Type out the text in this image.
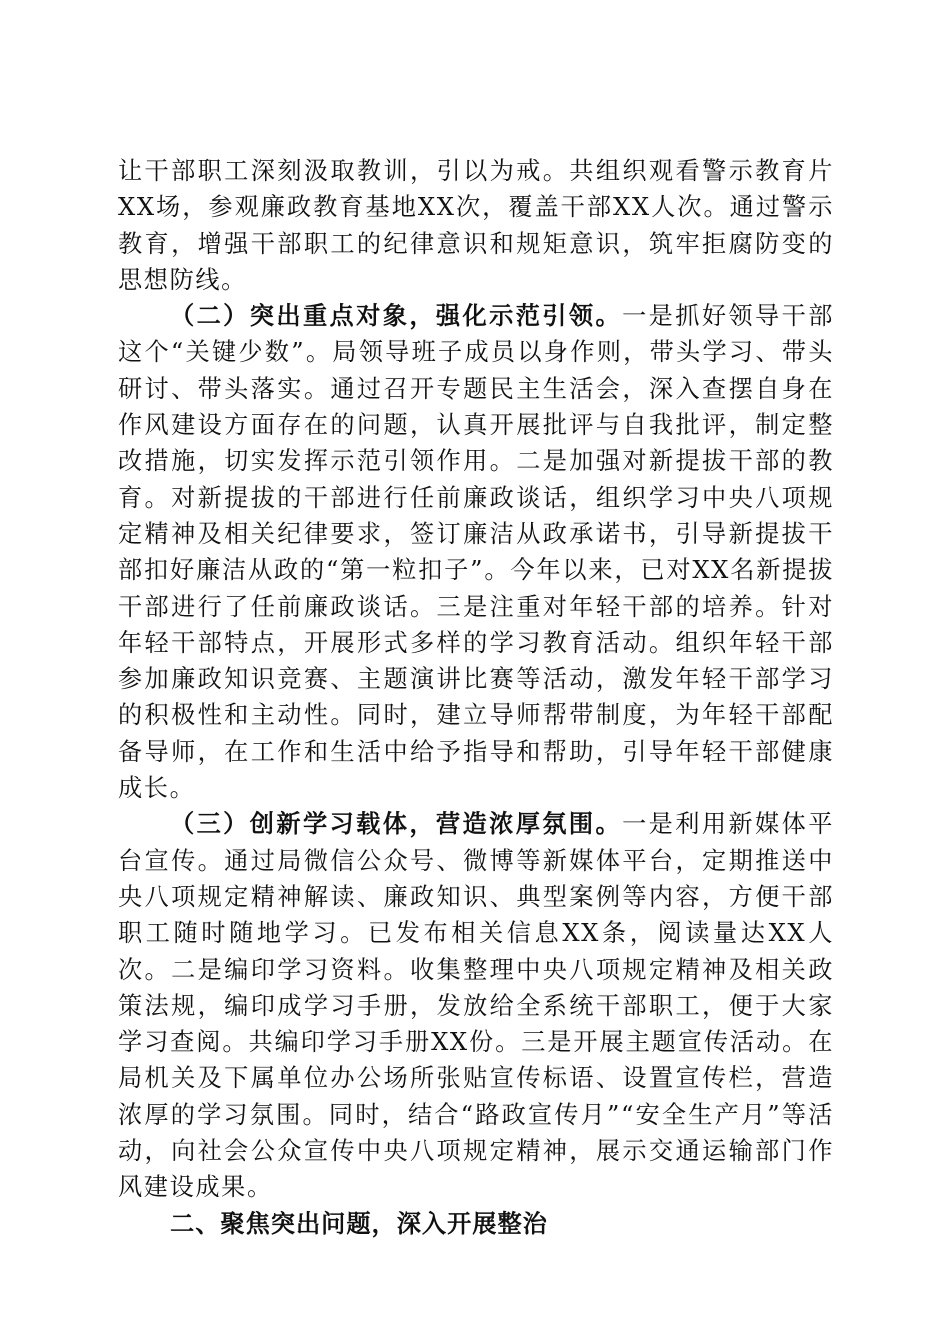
让干部职工深刻汲取教训，引以为戒。共组织观看警示教育片XX场，参观廉政教育基地XX次，覆盖干部XX人次。通过警示教育，增强干部职工的纪律意识和规矩意识，筑牢拒腐防变的思想防线。

（二）突出重点对象，强化示范引领。一是抓好领导干部这个“关键少数”。局领导班子成员以身作则，带头学习、带头研讨、带头落实。通过召开专题民主生活会，深入查摆自身在作风建设方面存在的问题，认真开展批评与自我批评，制定整改措施，切实发挥示范引领作用。二是加强对新提拔干部的教育。对新提拔的干部进行任前廉政谈话，组织学习中央八项规定精神及相关纪律要求，签订廉洁从政承诺书，引导新提拔干部扣好廉洁从政的“第一粒扣子”。今年以来，已对XX名新提拔干部进行了任前廉政谈话。三是注重对年轻干部的培养。针对年轻干部特点，开展形式多样的学习教育活动。组织年轻干部参加廉政知识竞赛、主题演讲比赛等活动，激发年轻干部学习的积极性和主动性。同时，建立导师帮带制度，为年轻干部配备导师，在工作和生活中给予指导和帮助，引导年轻干部健康成长。

（三）创新学习载体，营造浓厚氛围。一是利用新媒体平台宣传。通过局微信公众号、微博等新媒体平台，定期推送中央八项规定精神解读、廉政知识、典型案例等内容，方便干部职工随时随地学习。已发布相关信息XX条，阅读量达XX人次。二是编印学习资料。收集整理中央八项规定精神及相关政策法规，编印成学习手册，发放给全系统干部职工，便于大家学习查阅。共编印学习手册XX份。三是开展主题宣传活动。在局机关及下属单位办公场所张贴宣传标语、设置宣传栏，营造浓厚的学习氛围。同时，结合“路政宣传月”“安全生产月”等活动，向社会公众宣传中央八项规定精神，展示交通运输部门作风建设成果。

二、聚焦突出问题，深入开展整治
